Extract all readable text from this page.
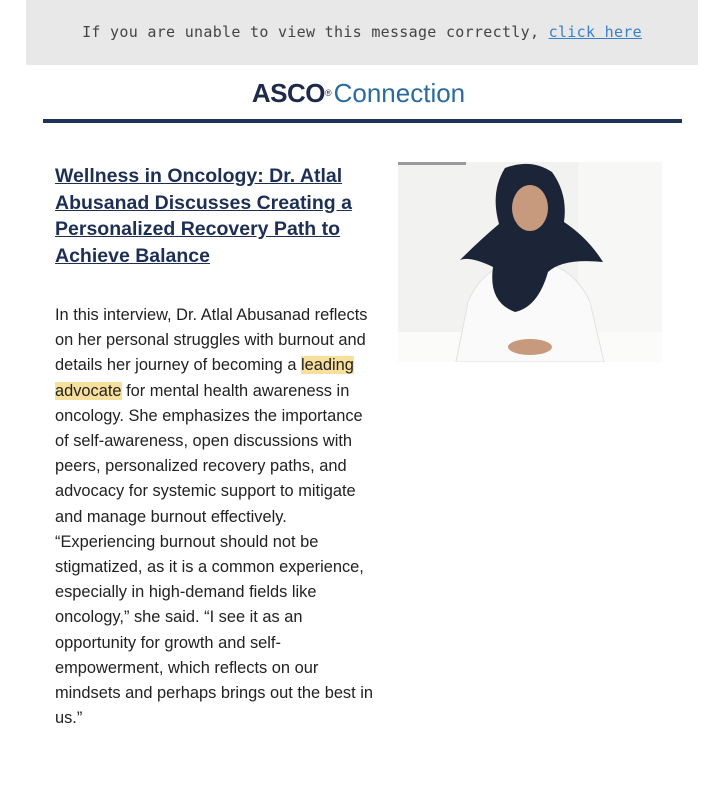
If you are unable to view this message correctly, click here
ASCO®Connection
Wellness in Oncology: Dr. Atlal Abusanad Discusses Creating a Personalized Recovery Path to Achieve Balance

In this interview, Dr. Atlal Abusanad reflects on her personal struggles with burnout and details her journey of becoming a leading advocate for mental health awareness in oncology. She emphasizes the importance of self-awareness, open discussions with peers, personalized recovery paths, and advocacy for systemic support to mitigate and manage burnout effectively. “Experiencing burnout should not be stigmatized, as it is a common experience, especially in high-demand fields like oncology,” she said. “I see it as an opportunity for growth and self-empowerment, which reflects on our mindsets and perhaps brings out the best in us.”
